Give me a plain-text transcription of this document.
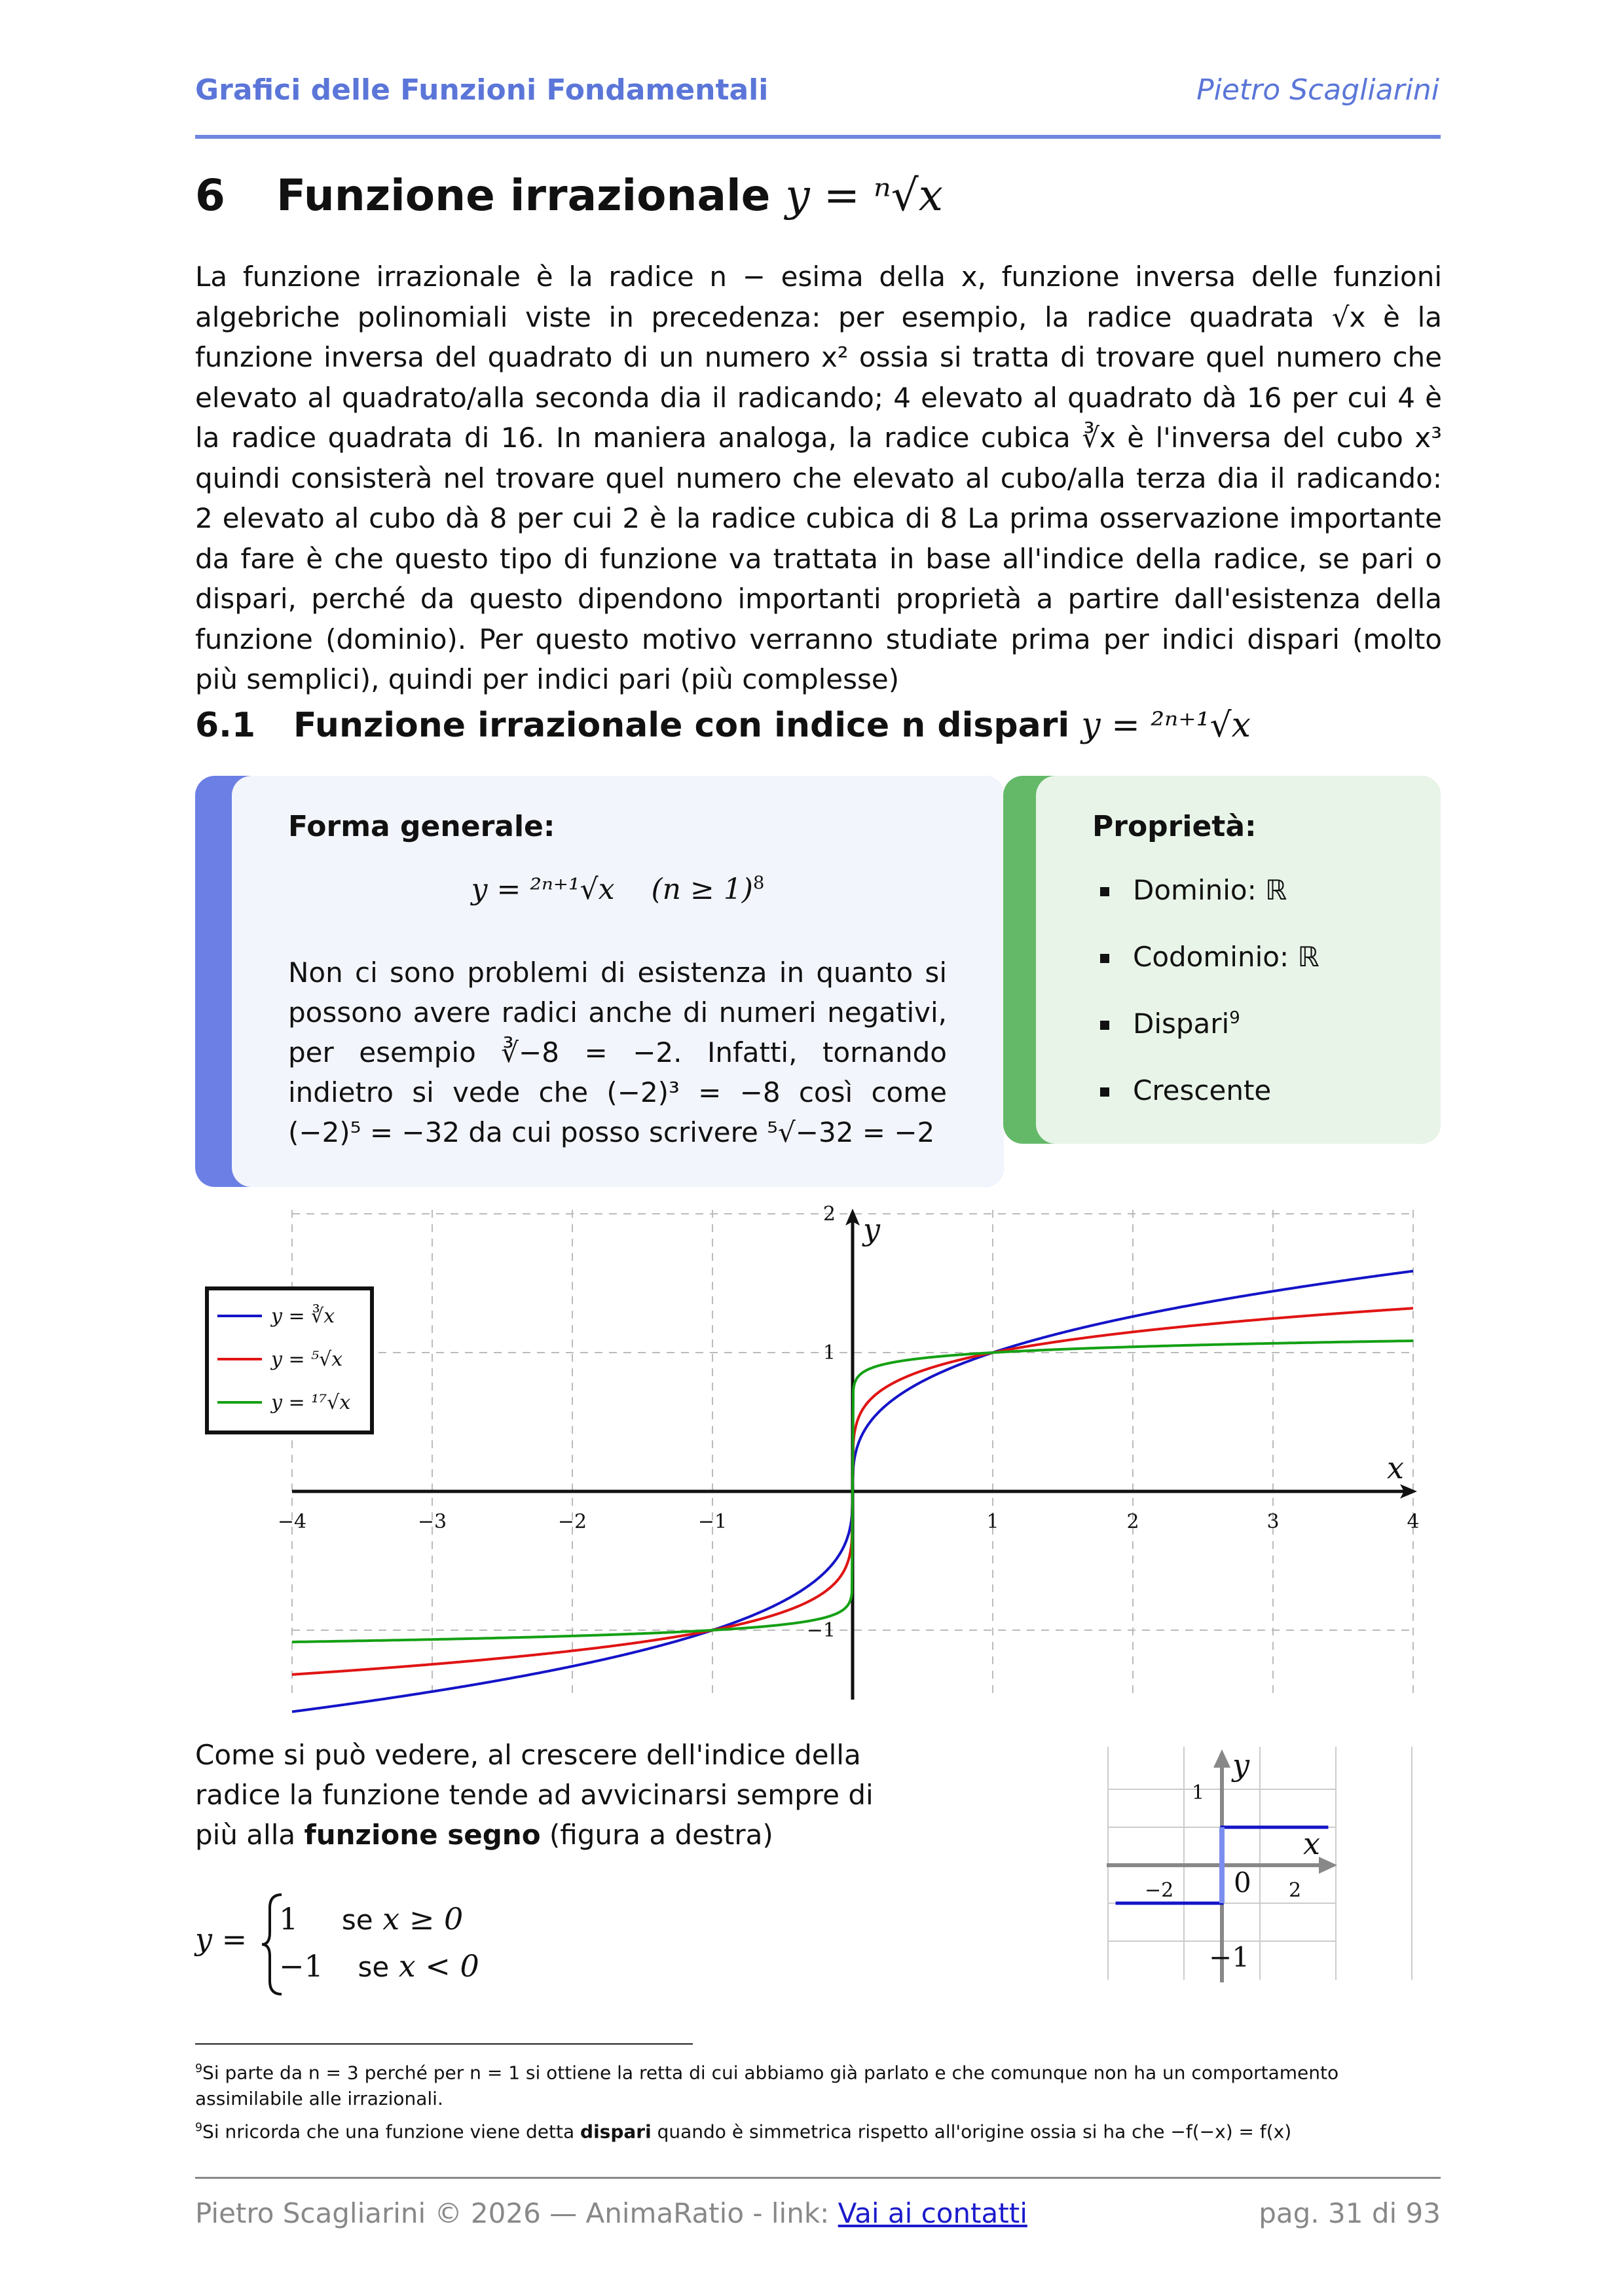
Grafici delle Funzioni Fondamentali	Pietro Scagliarini
6 Funzione irrazionale y = ⁿ√x
La funzione irrazionale è la radice n − esima della x, funzione inversa delle funzioni algebriche polinomiali viste in precedenza: per esempio, la radice quadrata √x è la funzione inversa del quadrato di un numero x² ossia si tratta di trovare quel numero che elevato al quadrato/alla seconda dia il radicando; 4 elevato al quadrato dà 16 per cui 4 è la radice quadrata di 16. In maniera analoga, la radice cubica ∛x è l'inversa del cubo x³ quindi consisterà nel trovare quel numero che elevato al cubo/alla terza dia il radicando: 2 elevato al cubo dà 8 per cui 2 è la radice cubica di 8 La prima osservazione importante da fare è che questo tipo di funzione va trattata in base all'indice della radice, se pari o dispari, perché da questo dipendono importanti proprietà a partire dall'esistenza della funzione (dominio). Per questo motivo verranno studiate prima per indici dispari (molto più semplici), quindi per indici pari (più complesse)
6.1 Funzione irrazionale con indice n dispari y = ²ⁿ⁺¹√x
Forma generale:
y = ²ⁿ⁺¹√x    (n ≥ 1)$^8$
Non ci sono problemi di esistenza in quanto si possono avere radici anche di numeri negativi, per esempio ∛−8 = −2. Infatti, tornando indietro si vede che (−2)³ = −8 così come (−2)⁵ = −32 da cui posso scrivere ⁵√−32 = −2
Proprietà:
Dominio: ℝ
Codominio: ℝ
Dispari$^9$
Crescente
x
y
−4	−3	−2	−1	1	2	3	4
−1
1
2
y = ∛x
y = ⁵√x
y = ¹⁷√x
x
y
−2	2
1
−1
0
Come si può vedere, al crescere dell'indice della radice la funzione tende ad avvicinarsi sempre di più alla funzione segno (figura a destra)
y =
1 se x ≥ 0
−1 se x < 0
$^9$Si parte da n = 3 perché per n = 1 si ottiene la retta di cui abbiamo già parlato e che comunque non ha un comportamento assimilabile alle irrazionali.
$^9$Si nricorda che una funzione viene detta dispari quando è simmetrica rispetto all'origine ossia si ha che −f(−x) = f(x)
Pietro Scagliarini © 2026 — AnimaRatio - link: Vai ai contatti	pag. 31 di 93
